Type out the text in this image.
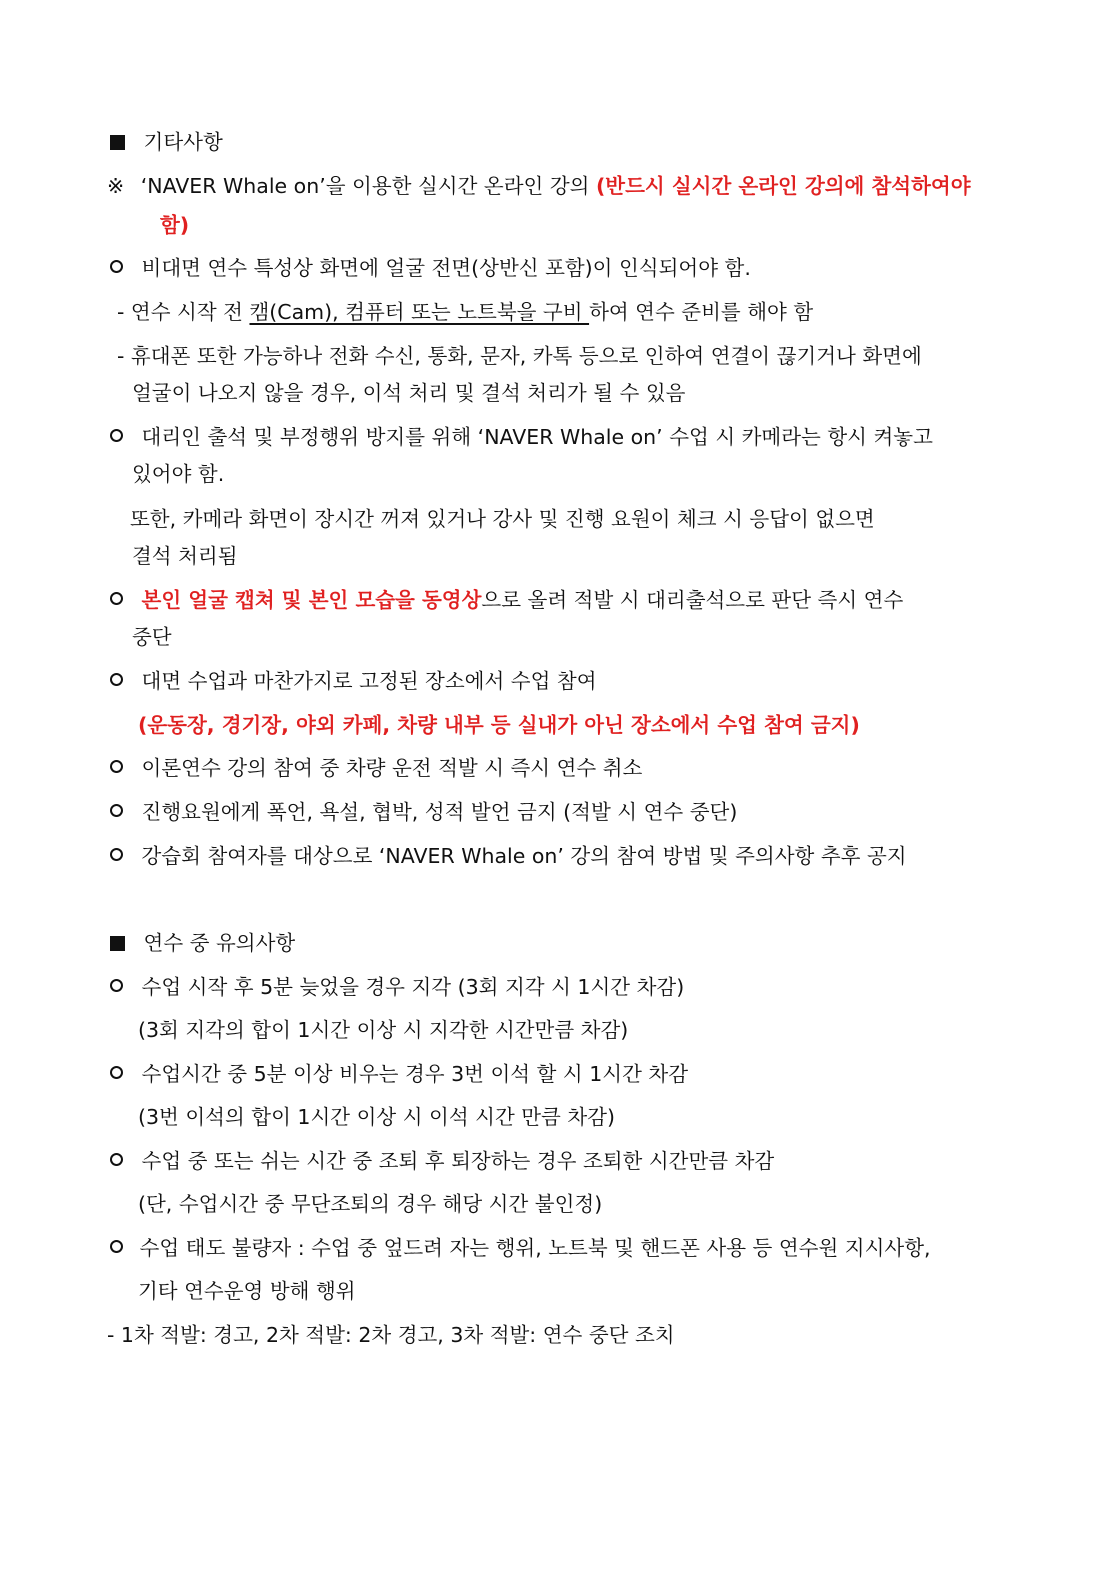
기타사항
※ ‘NAVER Whale on’을 이용한 실시간 온라인 강의 (반드시 실시간 온라인 강의에 참석하여야
함)
비대면 연수 특성상 화면에 얼굴 전면(상반신 포함)이 인식되어야 함.
- 연수 시작 전 캠(Cam), 컴퓨터 또는 노트북을 구비 하여 연수 준비를 해야 함
- 휴대폰 또한 가능하나 전화 수신, 통화, 문자, 카톡 등으로 인하여 연결이 끊기거나 화면에
얼굴이 나오지 않을 경우, 이석 처리 및 결석 처리가 될 수 있음
대리인 출석 및 부정행위 방지를 위해 ‘NAVER Whale on’ 수업 시 카메라는 항시 켜놓고
있어야 함.
또한, 카메라 화면이 장시간 꺼져 있거나 강사 및 진행 요원이 체크 시 응답이 없으면
결석 처리됨
본인 얼굴 캡쳐 및 본인 모습을 동영상으로 올려 적발 시 대리출석으로 판단 즉시 연수
중단
대면 수업과 마찬가지로 고정된 장소에서 수업 참여
(운동장, 경기장, 야외 카페, 차량 내부 등 실내가 아닌 장소에서 수업 참여 금지)
이론연수 강의 참여 중 차량 운전 적발 시 즉시 연수 취소
진행요원에게 폭언, 욕설, 협박, 성적 발언 금지 (적발 시 연수 중단)
강습회 참여자를 대상으로 ‘NAVER Whale on’ 강의 참여 방법 및 주의사항 추후 공지
연수 중 유의사항
수업 시작 후 5분 늦었을 경우 지각 (3회 지각 시 1시간 차감)
(3회 지각의 합이 1시간 이상 시 지각한 시간만큼 차감)
수업시간 중 5분 이상 비우는 경우 3번 이석 할 시 1시간 차감
(3번 이석의 합이 1시간 이상 시 이석 시간 만큼 차감)
수업 중 또는 쉬는 시간 중 조퇴 후 퇴장하는 경우 조퇴한 시간만큼 차감
(단, 수업시간 중 무단조퇴의 경우 해당 시간 불인정)
수업 태도 불량자 : 수업 중 엎드려 자는 행위, 노트북 및 핸드폰 사용 등 연수원 지시사항,
기타 연수운영 방해 행위
- 1차 적발: 경고, 2차 적발: 2차 경고, 3차 적발: 연수 중단 조치
